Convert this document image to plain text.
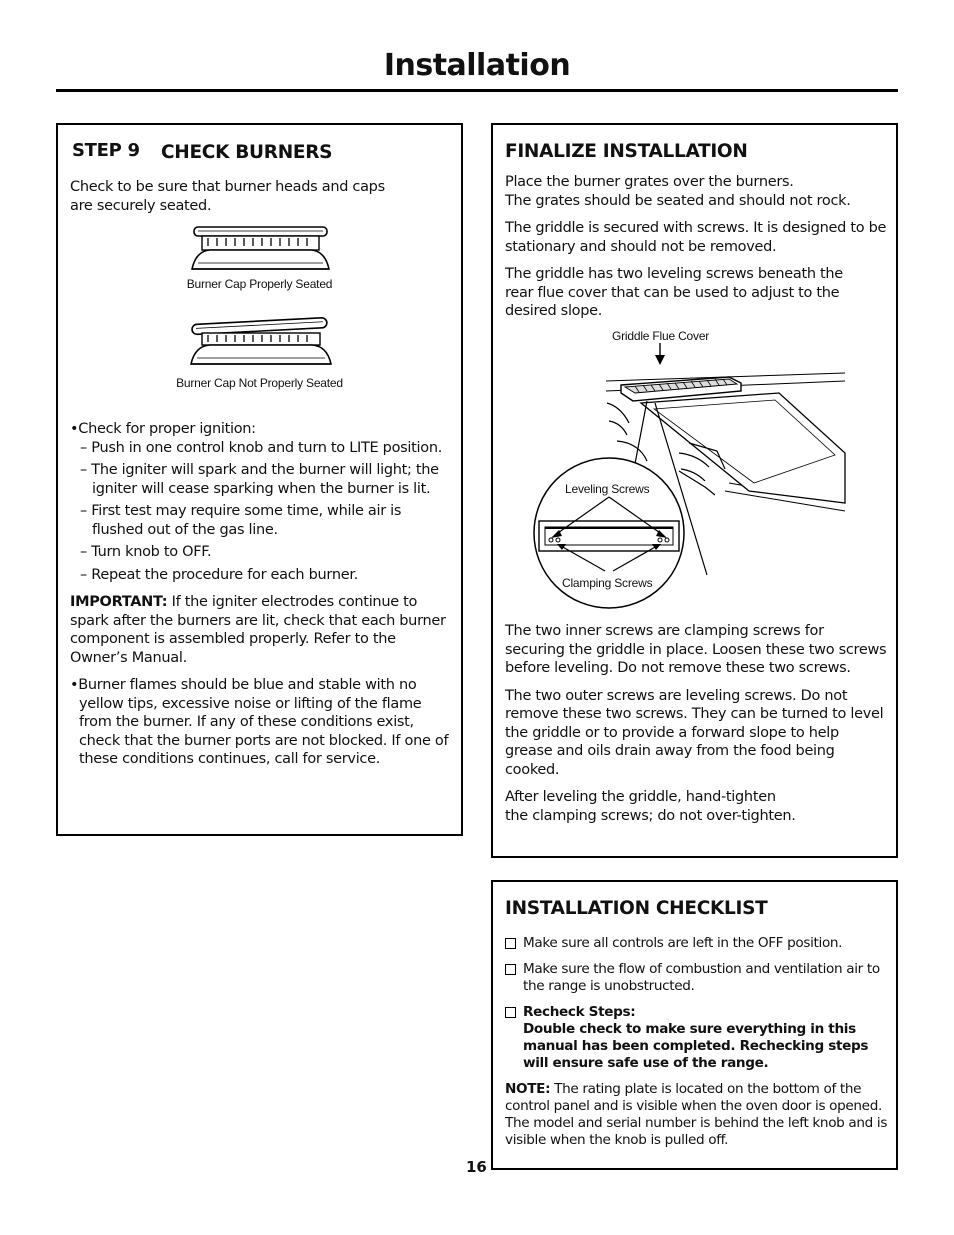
Installation
STEP 9 CHECK BURNERS
Check to be sure that burner heads and caps
are securely seated.
Burner Cap Properly Seated
Burner Cap Not Properly Seated
•Check for proper ignition:
– Push in one control knob and turn to LITE position.
– The igniter will spark and the burner will light; the igniter will cease sparking when the burner is lit.
– First test may require some time, while air is flushed out of the gas line.
– Turn knob to OFF.
– Repeat the procedure for each burner.
IMPORTANT: If the igniter electrodes continue to spark after the burners are lit, check that each burner component is assembled properly. Refer to the Owner’s Manual.
•Burner flames should be blue and stable with no yellow tips, excessive noise or lifting of the flame from the burner. If any of these conditions exist, check that the burner ports are not blocked. If one of these conditions continues, call for service.
FINALIZE INSTALLATION
Place the burner grates over the burners.
The grates should be seated and should not rock.
The griddle is secured with screws. It is designed to be stationary and should not be removed.
The griddle has two leveling screws beneath the rear flue cover that can be used to adjust to the desired slope.
Griddle Flue Cover
Leveling Screws
Clamping Screws
The two inner screws are clamping screws for securing the griddle in place. Loosen these two screws before leveling. Do not remove these two screws.
The two outer screws are leveling screws. Do not remove these two screws. They can be turned to level the griddle or to provide a forward slope to help grease and oils drain away from the food being cooked.
After leveling the griddle, hand-tighten
the clamping screws; do not over-tighten.
INSTALLATION CHECKLIST
Make sure all controls are left in the OFF position.
Make sure the flow of combustion and ventilation air to the range is unobstructed.
Recheck Steps:
Double check to make sure everything in this manual has been completed. Rechecking steps will ensure safe use of the range.
NOTE: The rating plate is located on the bottom of the control panel and is visible when the oven door is opened. The model and serial number is behind the left knob and is visible when the knob is pulled off.
16
